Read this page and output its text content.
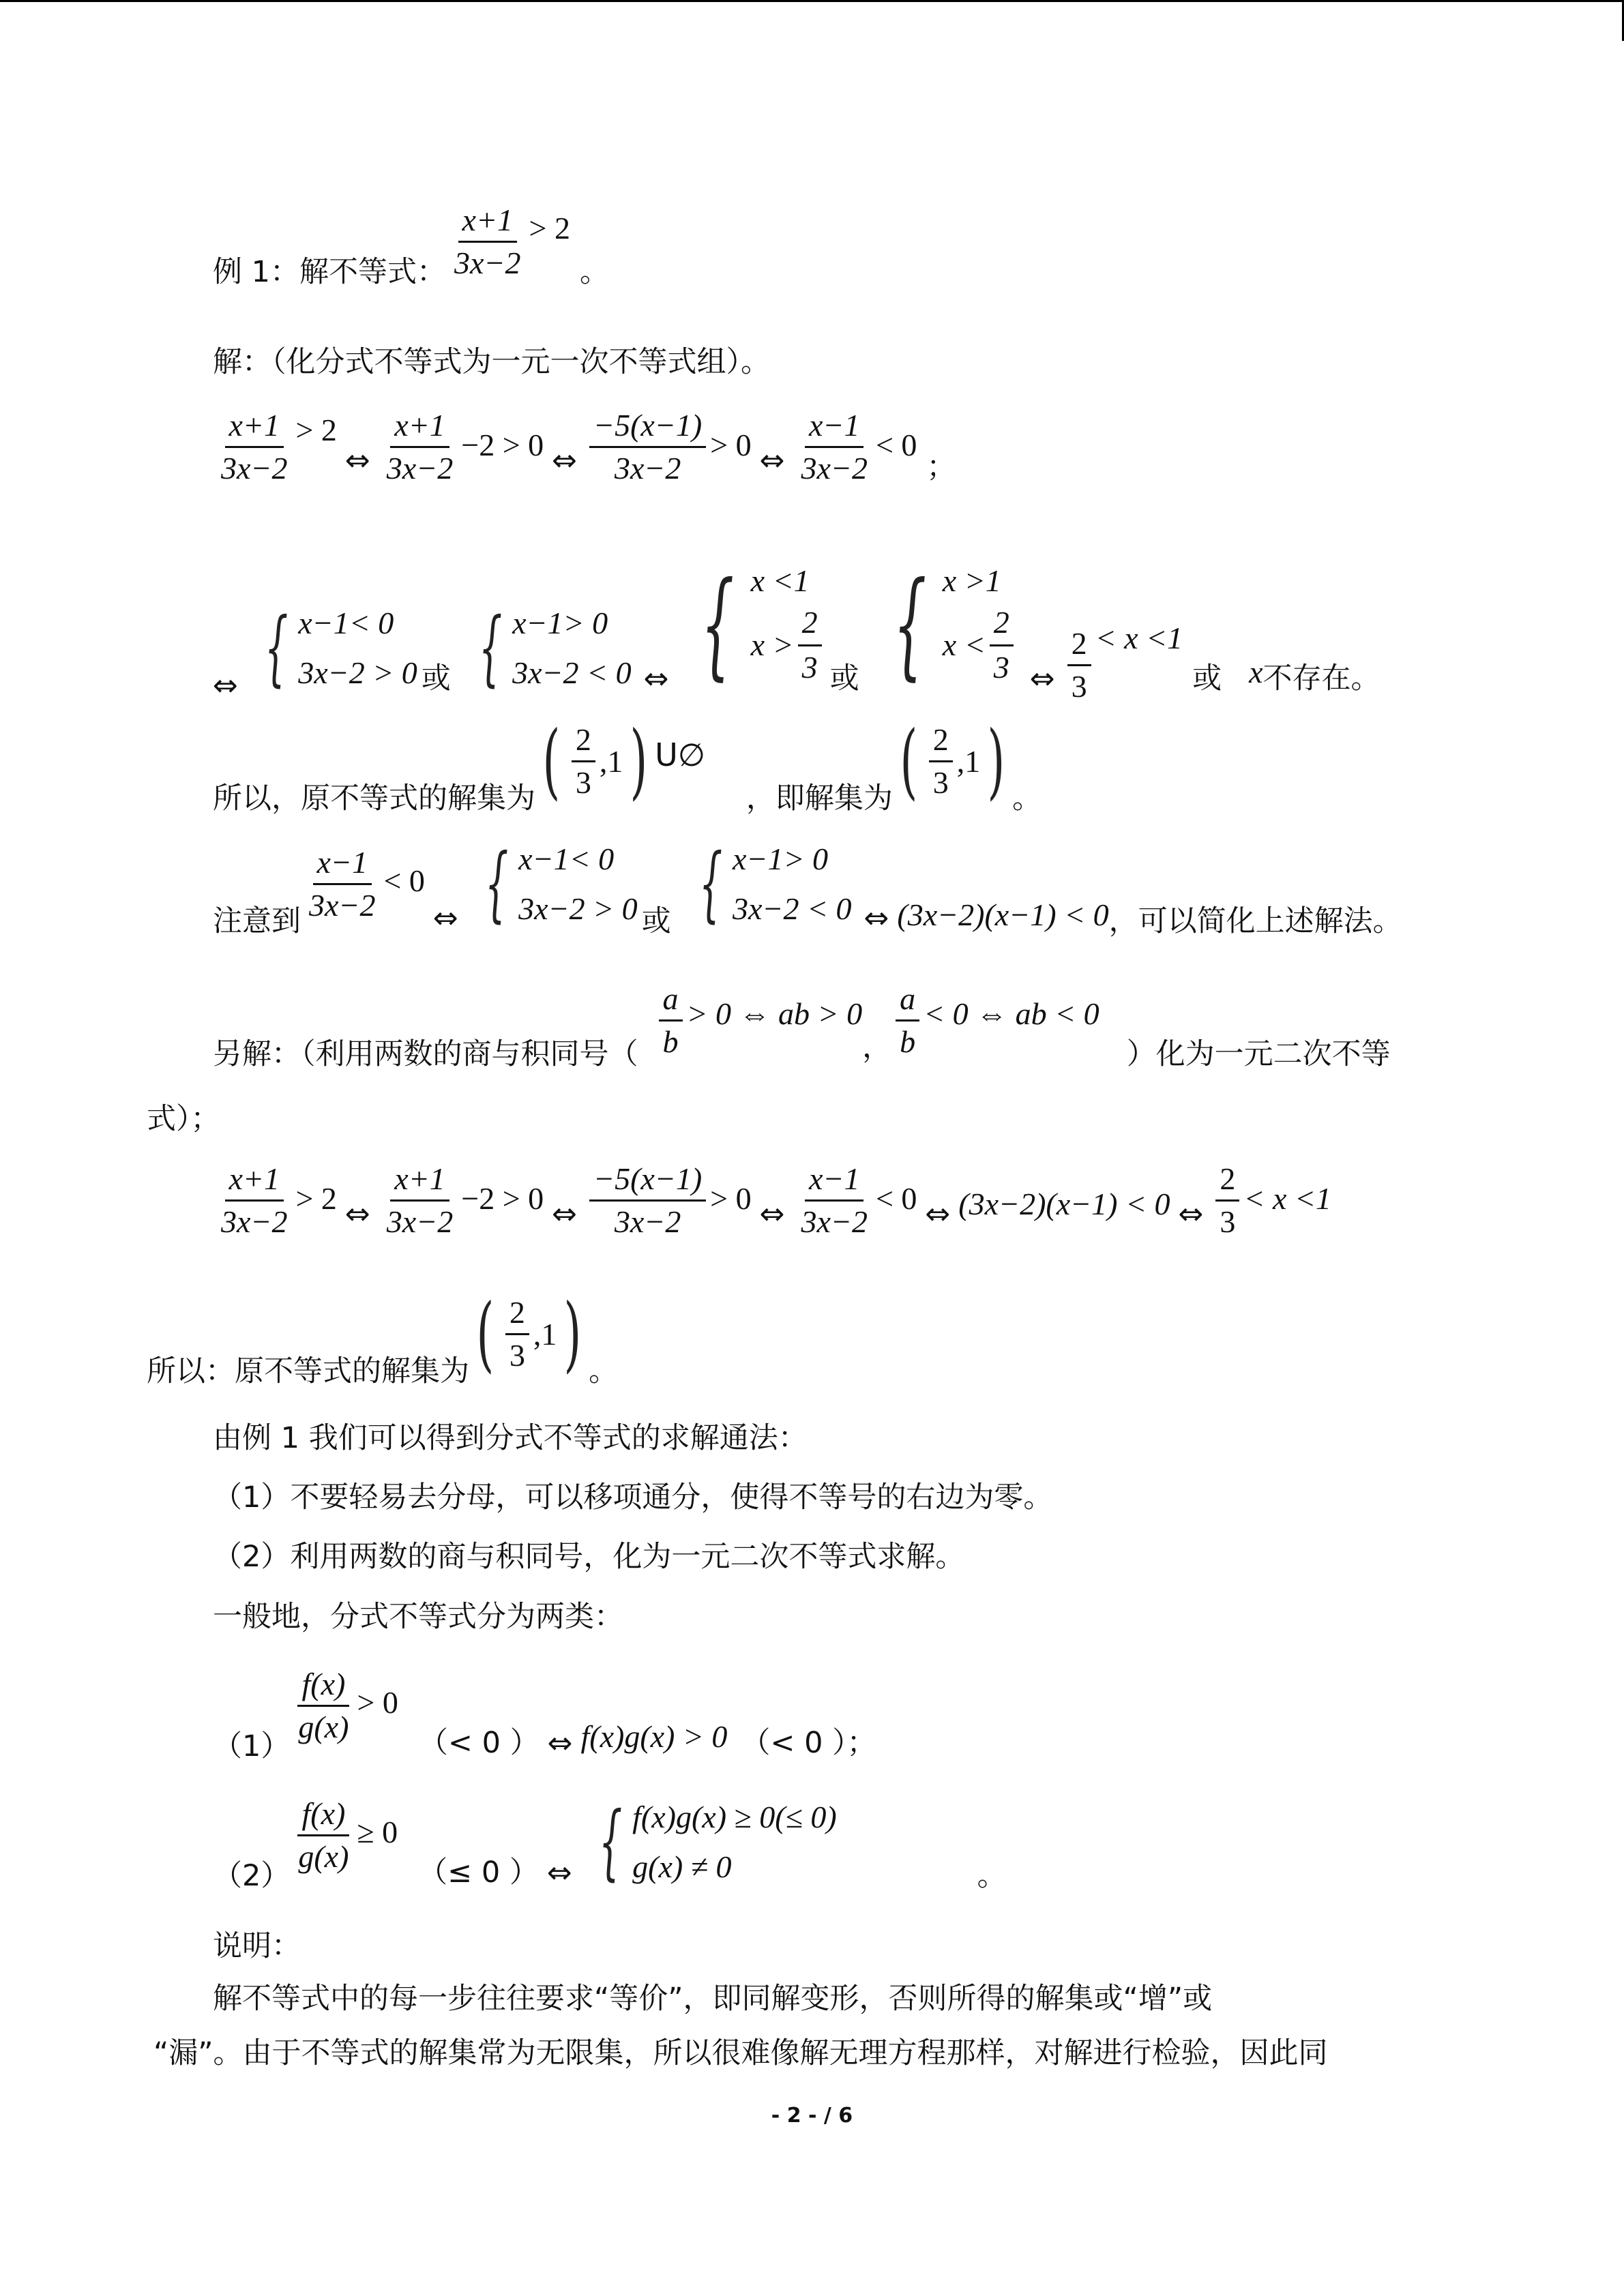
例 1：解不等式： $\frac{x+1}{3x-2} > 2$
。
解：（化分式不等式为一元一次不等式组）。
$\frac{x+1}{3x-2} > 2$
⇔ $\frac{x+1}{3x-2} -2 > 0$ ⇔ $\frac{-5(x-1)}{3x-2} > 0$ ⇔ $\frac{x-1}{3x-2} < 0$
；
⇔ { x−1< 0
3x−2 > 0 或 { x−1> 0
3x−2 < 0 ⇔ { x <1
$x > \frac{2}{3}$ 或 { x >1
$x < \frac{2}{3}$ ⇔ $\frac{2}{3} < x <1$
或 x 不存在。
所以，原不等式的解集为 ( $\frac{2}{3} ,1$ ) U∅
，即解集为 ( $\frac{2}{3} ,1$ ) 。
注意到 $\frac{x-1}{3x-2} < 0$
⇔ { x−1< 0
3x−2 > 0 或 { x−1> 0
3x−2 < 0 ⇔ (3x−2)(x−1) < 0 ，可以简化上述解法。
另解：（利用两数的商与积同号（ $\frac{a}{b} > 0$ ⇔ ab > 0
， $\frac{a}{b} < 0$ ⇔ ab < 0
）化为一元二次不等
式）；
$\frac{x+1}{3x-2} > 2$ ⇔ $\frac{x+1}{3x-2} -2 > 0$ ⇔ $\frac{-5(x-1)}{3x-2} > 0$ ⇔ $\frac{x-1}{3x-2} < 0$ ⇔ (3x−2)(x−1) < 0 ⇔ $\frac{2}{3} < x <1$
所以：原不等式的解集为 ( $\frac{2}{3} ,1$ ) 。
由例 1 我们可以得到分式不等式的求解通法：
（1）不要轻易去分母，可以移项通分，使得不等号的右边为零。
（2）利用两数的商与积同号，化为一元二次不等式求解。
一般地，分式不等式分为两类：
（1）
$\frac{f(x)}{g(x)} > 0$
（< 0 ） ⇔ f(x)g(x) > 0 （< 0 ）；
（2）
$\frac{f(x)}{g(x)} \ge 0$
（≤ 0 ） ⇔ { f(x)g(x) ≥ 0(≤ 0)
g(x) ≠ 0	。
说明：
解不等式中的每一步往往要求“等价”，即同解变形，否则所得的解集或“增”或
“漏”。由于不等式的解集常为无限集，所以很难像解无理方程那样，对解进行检验，因此同
- 2 - / 6
